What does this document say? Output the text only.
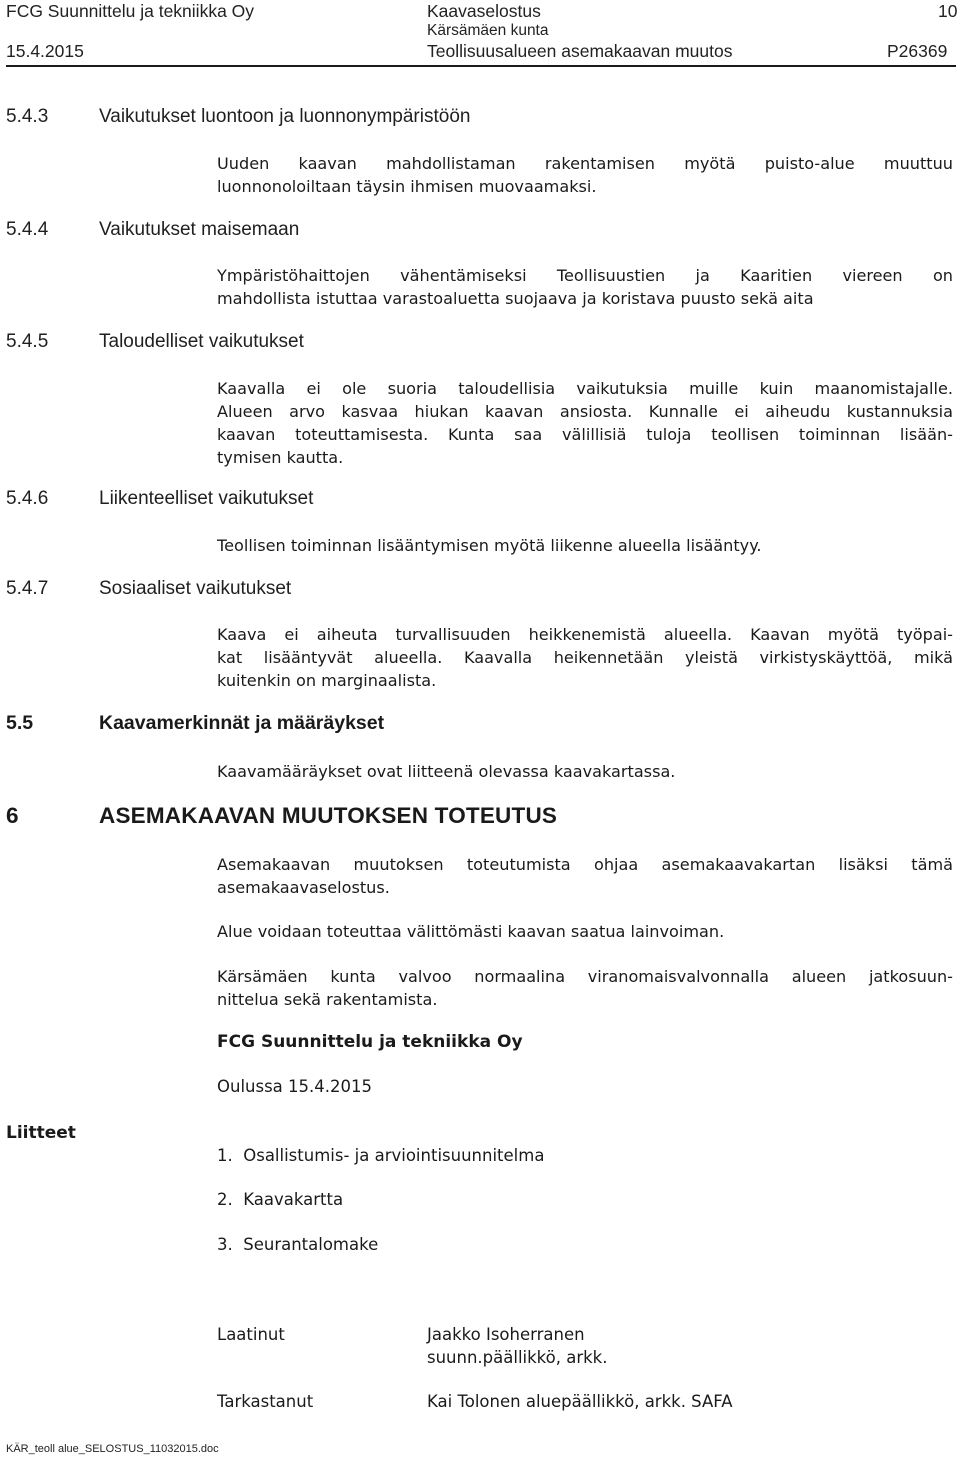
FCG Suunnittelu ja tekniikka Oy	Kaavaselostus	10
Kärsämäen kunta
15.4.2015	Teollisuusalueen asemakaavan muutos	P26369
5.4.3	Vaikutukset luontoon ja luonnonympäristöön
Uuden kaavan mahdollistaman rakentamisen myötä puisto-alue muuttuu
luonnonoloiltaan täysin ihmisen muovaamaksi.
5.4.4	Vaikutukset maisemaan
Ympäristöhaittojen vähentämiseksi Teollisuustien ja Kaaritien viereen on
mahdollista istuttaa varastoaluetta suojaava ja koristava puusto sekä aita
5.4.5	Taloudelliset vaikutukset
Kaavalla ei ole suoria taloudellisia vaikutuksia muille kuin maanomistajalle.
Alueen arvo kasvaa hiukan kaavan ansiosta. Kunnalle ei aiheudu kustannuksia
kaavan toteuttamisesta. Kunta saa välillisiä tuloja teollisen toiminnan lisään-
tymisen kautta.
5.4.6	Liikenteelliset vaikutukset
Teollisen toiminnan lisääntymisen myötä liikenne alueella lisääntyy.
5.4.7	Sosiaaliset vaikutukset
Kaava ei aiheuta turvallisuuden heikkenemistä alueella. Kaavan myötä työpai-
kat lisääntyvät alueella. Kaavalla heikennetään yleistä virkistyskäyttöä, mikä
kuitenkin on marginaalista.
5.5	Kaavamerkinnät ja määräykset
Kaavamääräykset ovat liitteenä olevassa kaavakartassa.
6	ASEMAKAAVAN MUUTOKSEN TOTEUTUS
Asemakaavan muutoksen toteutumista ohjaa asemakaavakartan lisäksi tämä
asemakaavaselostus.
Alue voidaan toteuttaa välittömästi kaavan saatua lainvoiman.
Kärsämäen kunta valvoo normaalina viranomaisvalvonnalla alueen jatkosuun-
nittelua sekä rakentamista.
FCG Suunnittelu ja tekniikka Oy
Oulussa 15.4.2015
Liitteet
1.  Osallistumis- ja arviointisuunnitelma
2.  Kaavakartta
3.  Seurantalomake
Laatinut	Jaakko Isoherranen
suunn.päällikkö, arkk.
Tarkastanut	Kai Tolonen aluepäällikkö, arkk. SAFA
KÄR_teoll alue_SELOSTUS_11032015.doc
